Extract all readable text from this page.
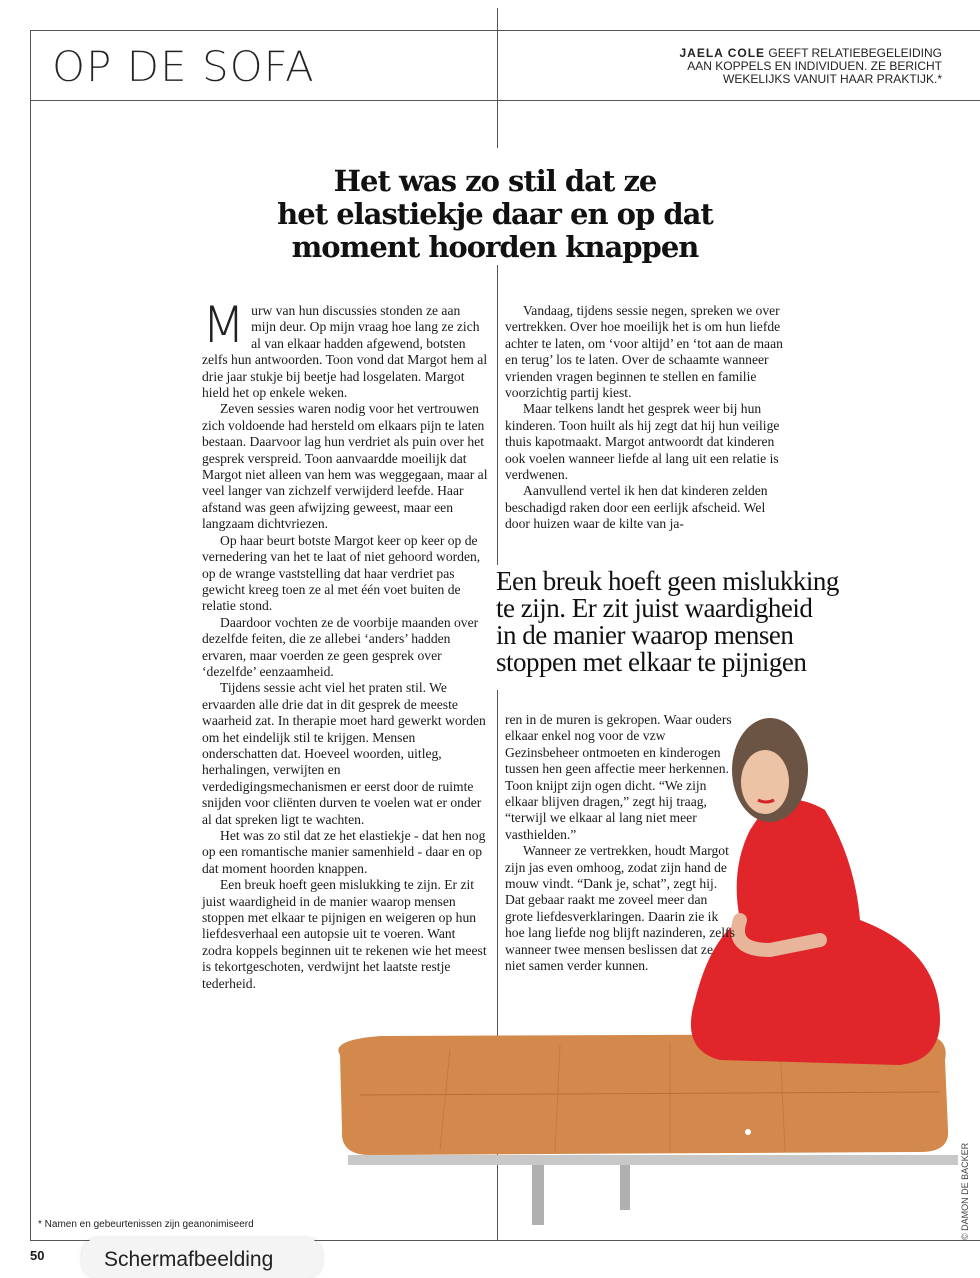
OP DE SOFA	JAELA COLE GEEFT RELATIEBEGELEIDING
AAN KOPPELS EN INDIVIDUEN. ZE BERICHT
WEKELIJKS VANUIT HAAR PRAKTIJK.*
Het was zo stil dat ze
het elastiekje daar en op dat
moment hoorden knappen

Murw van hun discussies stonden ze aan mijn deur. Op mijn vraag hoe lang ze zich al van elkaar hadden afgewend, botsten zelfs hun antwoorden. Toon vond dat Margot hem al drie jaar stukje bij beetje had losgelaten. Margot hield het op enkele weken.

Zeven sessies waren nodig voor het vertrouwen zich voldoende had hersteld om elkaars pijn te laten bestaan. Daarvoor lag hun verdriet als puin over het gesprek verspreid. Toon aanvaardde moeilijk dat Margot niet alleen van hem was weggegaan, maar al veel langer van zichzelf verwijderd leefde. Haar afstand was geen afwijzing geweest, maar een langzaam dichtvriezen.

Op haar beurt botste Margot keer op keer op de vernedering van het te laat of niet gehoord worden, op de wrange vaststelling dat haar verdriet pas gewicht kreeg toen ze al met één voet buiten de relatie stond.

Daardoor vochten ze de voorbije maanden over dezelfde feiten, die ze allebei ‘anders’ hadden ervaren, maar voerden ze geen gesprek over ‘dezelfde’ eenzaamheid.

Tijdens sessie acht viel het praten stil. We ervaarden alle drie dat in dit gesprek de meeste waarheid zat. In therapie moet hard gewerkt worden om het eindelijk stil te krijgen. Mensen onderschatten dat. Hoeveel woorden, uitleg, herhalingen, verwijten en verdedigingsmechanismen er eerst door de ruimte snijden voor cliënten durven te voelen wat er onder al dat spreken ligt te wachten.

Het was zo stil dat ze het elastiekje - dat hen nog op een romantische manier samenhield - daar en op dat moment hoorden knappen.

Een breuk hoeft geen mislukking te zijn. Er zit juist waardigheid in de manier waarop mensen stoppen met elkaar te pijnigen en weigeren op hun liefdesverhaal een autopsie uit te voeren. Want zodra koppels beginnen uit te rekenen wie het meest is tekortgeschoten, verdwijnt het laatste restje tederheid.

Vandaag, tijdens sessie negen, spreken we over vertrekken. Over hoe moeilijk het is om hun liefde achter te laten, om ‘voor altijd’ en ‘tot aan de maan en terug’ los te laten. Over de schaamte wanneer vrienden vragen beginnen te stellen en familie voorzichtig partij kiest.

Maar telkens landt het gesprek weer bij hun kinderen. Toon huilt als hij zegt dat hij hun veilige thuis kapotmaakt. Margot antwoordt dat kinderen ook voelen wanneer liefde al lang uit een relatie is verdwenen.

Aanvullend vertel ik hen dat kinderen zelden beschadigd raken door een eerlijk afscheid. Wel door huizen waar de kilte van ja-

Een breuk hoeft geen mislukking
te zijn. Er zit juist waardigheid
in de manier waarop mensen
stoppen met elkaar te pijnigen

ren in de muren is gekropen. Waar ouders elkaar enkel nog voor de vzw Gezinsbeheer ontmoeten en kinderogen tussen hen geen affectie meer herkennen. Toon knijpt zijn ogen dicht. “We zijn elkaar blijven dragen,” zegt hij traag, “terwijl we elkaar al lang niet meer vasthielden.”

Wanneer ze vertrekken, houdt Margot zijn jas even omhoog, zodat zijn hand de mouw vindt. “Dank je, schat”, zegt hij. Dat gebaar raakt me zoveel meer dan grote liefdesverklaringen. Daarin zie ik hoe lang liefde nog blijft nazinderen, zelfs wanneer twee mensen beslissen dat ze niet samen verder kunnen.

* Namen en gebeurtenissen zijn geanonimiseerd
50
© DAMON DE BACKER
Schermafbeelding
